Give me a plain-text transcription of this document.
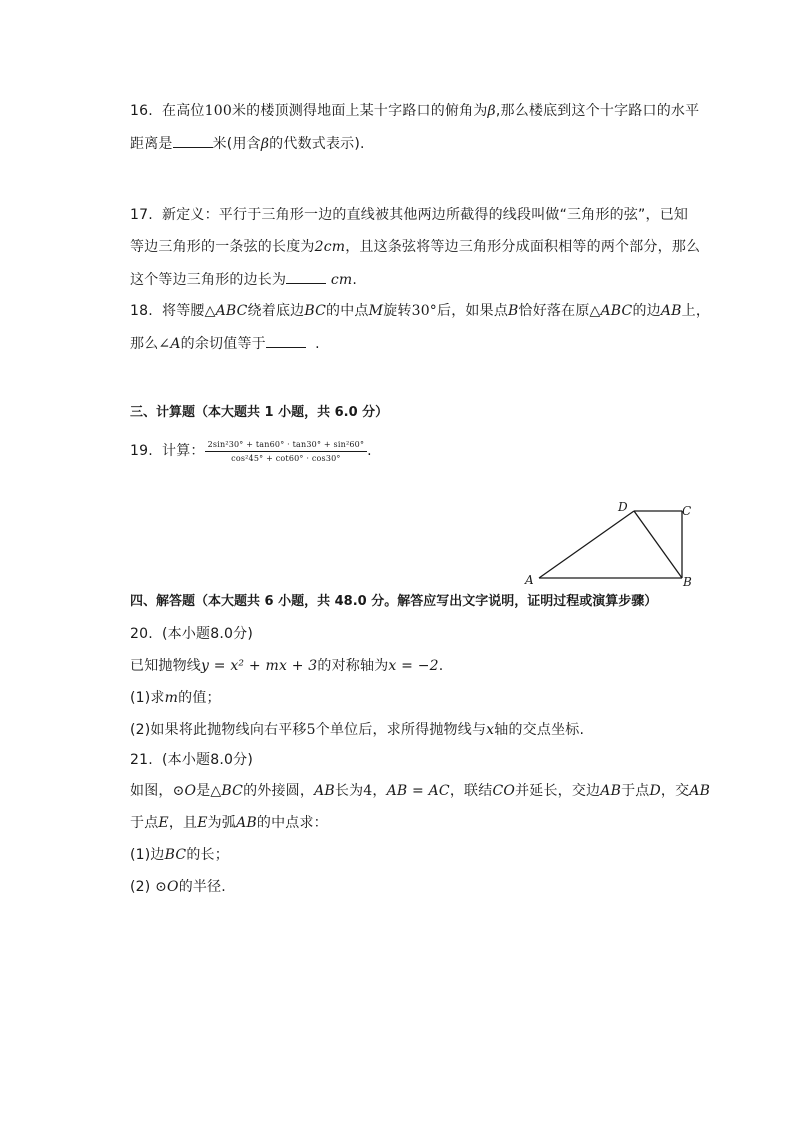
16. 在高位100米的楼顶测得地面上某十字路口的俯角为β,那么楼底到这个十字路口的水平
距离是	米(用含β的代数式表示).
17. 新定义：平行于三角形一边的直线被其他两边所截得的线段叫做“三角形的弦”，已知
等边三角形的一条弦的长度为2cm，且这条弦将等边三角形分成面积相等的两个部分，那么
这个等边三角形的边长为	cm.
18. 将等腰△ABC绕着底边BC的中点M旋转30°后，如果点B恰好落在原△ABC的边AB上，
那么∠A的余切值等于	.
三、计算题（本大题共 1 小题，共 6.0 分）
19. 计算： $\frac{\text{2sin²30° + tan60° · tan30° + sin²60°}}{\text{cos²45° + cot60° · cos30°}}$ .
A	B
C
D
四、解答题（本大题共 6 小题，共 48.0 分。解答应写出文字说明，证明过程或演算步骤）
20. (本小题8.0分)
已知抛物线y = x² + mx + 3的对称轴为x = −2.
(1)求m的值；
(2)如果将此抛物线向右平移5个单位后，求所得抛物线与x轴的交点坐标.
21. (本小题8.0分)
如图，⊙O是△BC的外接圆，AB长为4，AB = AC，联结CO并延长，交边AB于点D，交AB
于点E，且E为弧AB的中点求：
(1)边BC的长；
(2) ⊙O的半径.
